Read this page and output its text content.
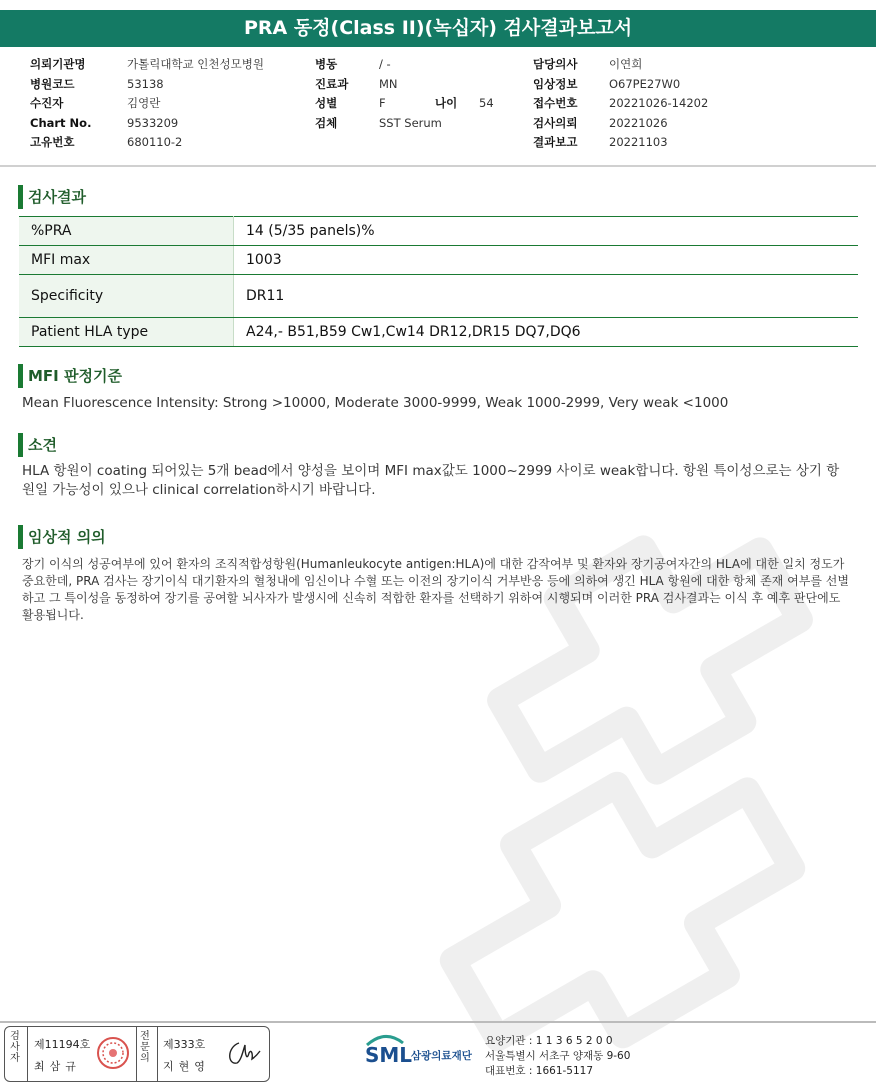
PRA 동정(Class II)(녹십자) 검사결과보고서
의뢰기관명	가톨릭대학교 인천성모병원
병원코드	53138
수진자	김영란
Chart No.	9533209
고유번호	680110-2
병동	/ -
진료과	MN
성별	F	나이 54
검체	SST Serum
담당의사	이연희
임상정보	O67PE27W0
접수번호	20221026-14202
검사의뢰	20221026
결과보고	20221103
검사결과
%PRA	14 (5/35 panels)%
MFI max	1003
Specificity	DR11
Patient HLA type	A24,- B51,B59 Cw1,Cw14 DR12,DR15 DQ7,DQ6
MFI 판정기준
Mean Fluorescence Intensity: Strong >10000, Moderate 3000-9999, Weak 1000-2999, Very weak <1000
소견
HLA 항원이 coating 되어있는 5개 bead에서 양성을 보이며 MFI max값도 1000~2999 사이로 weak합니다. 항원 특이성으로는 상기 항원일 가능성이 있으나 clinical correlation하시기 바랍니다.
임상적 의의
장기 이식의 성공여부에 있어 환자의 조직적합성항원(Humanleukocyte antigen:HLA)에 대한 감작여부 및 환자와 장기공여자간의 HLA에 대한 일치 정도가 중요한데, PRA 검사는 장기이식 대기환자의 혈청내에 임신이나 수혈 또는 이전의 장기이식 거부반응 등에 의하여 생긴 HLA 항원에 대한 항체 존재 여부를 선별하고 그 특이성을 동정하여 장기를 공여할 뇌사자가 발생시에 신속히 적합한 환자를 선택하기 위하여 시행되며 이러한 PRA 검사결과는 이식 후 예후 판단에도 활용됩니다.
검사자
제11194호
최삼규
전문의
제333호
지현영	SML
삼광의료재단
요양기관 : 1 1 3 6 5 2 0 0
서울특별시 서초구 양재동 9-60
대표번호 : 1661-5117
